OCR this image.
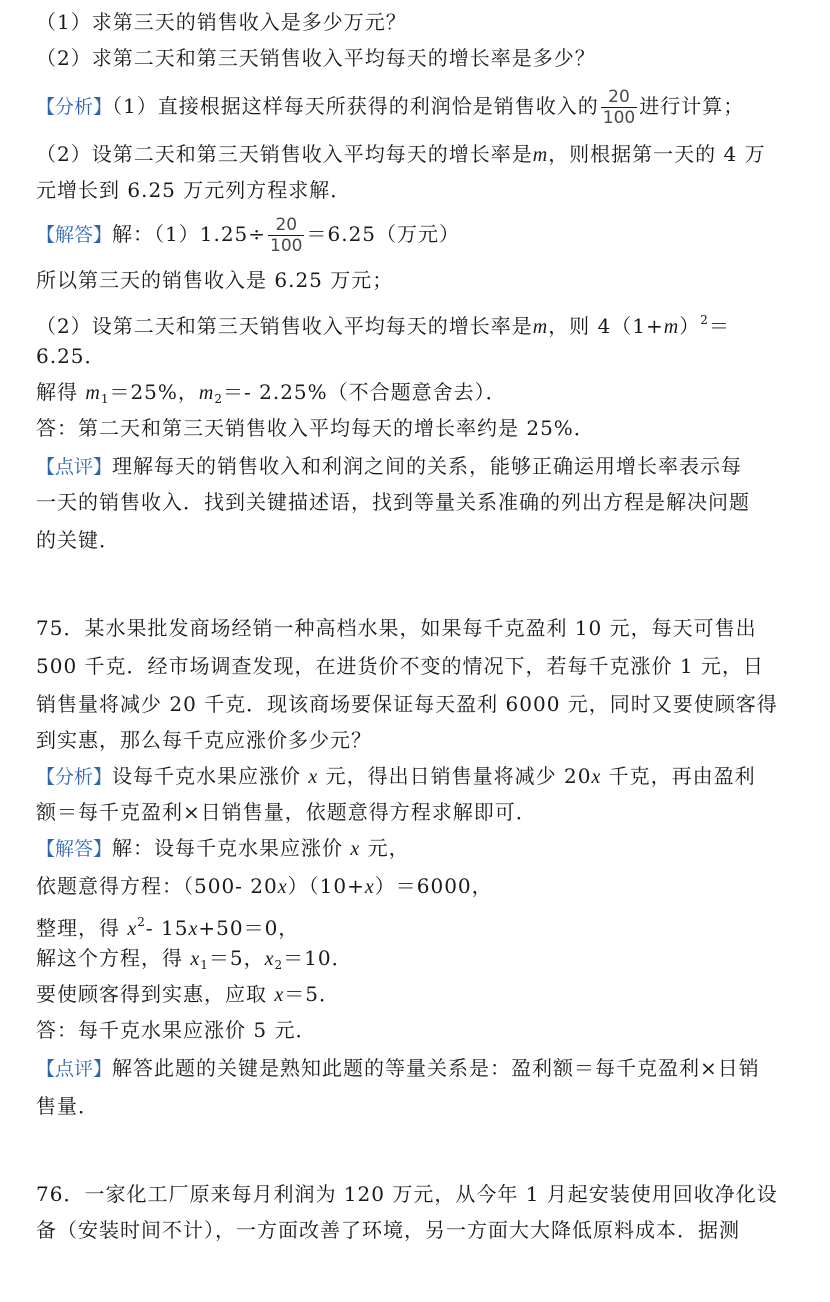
（1）求第三天的销售收入是多少万元？
（2）求第二天和第三天销售收入平均每天的增长率是多少？
【分析】（1）直接根据这样每天所获得的利润恰是销售收入的 $\frac{20}{100}$ 进行计算；
（2）设第二天和第三天销售收入平均每天的增长率是m，则根据第一天的 4 万
元增长到 6.25 万元列方程求解．
【解答】解：$(1)1.25\div \frac{20}{100} =6.25$（万元）
所以第三天的销售收入是 6.25 万元；
（2）设第二天和第三天销售收入平均每天的增长率是m，则 $4(1+m)^2=$
6.25．
解得 $m_1=25\%$，$m_2=-$ 2.25%（不合题意舍去）．
答：第二天和第三天销售收入平均每天的增长率约是 25%．
【点评】理解每天的销售收入和利润之间的关系，能够正确运用增长率表示每
一天的销售收入．找到关键描述语，找到等量关系准确的列出方程是解决问题
的关键．
75．某水果批发商场经销一种高档水果，如果每千克盈利 10 元，每天可售出
500 千克．经市场调查发现，在进货价不变的情况下，若每千克涨价 1 元，日
销售量将减少 20 千克．现该商场要保证每天盈利 6000 元，同时又要使顾客得
到实惠，那么每千克应涨价多少元？
【分析】设每千克水果应涨价 x 元，得出日销售量将减少 20x 千克，再由盈利
额＝每千克盈利×日销售量，依题意得方程求解即可．
【解答】解：设每千克水果应涨价 x 元，
依题意得方程：（500- 20x）（10+x）＝6000，
整理，得 $x^2-$ 15x+50＝0，
解这个方程，得 $x_1=5$，$x_2=10$．
要使顾客得到实惠，应取 x＝5．
答：每千克水果应涨价 5 元．
【点评】解答此题的关键是熟知此题的等量关系是：盈利额＝每千克盈利×日销
售量．
76．一家化工厂原来每月利润为 120 万元，从今年 1 月起安装使用回收净化设
备（安装时间不计），一方面改善了环境，另一方面大大降低原料成本．据测
